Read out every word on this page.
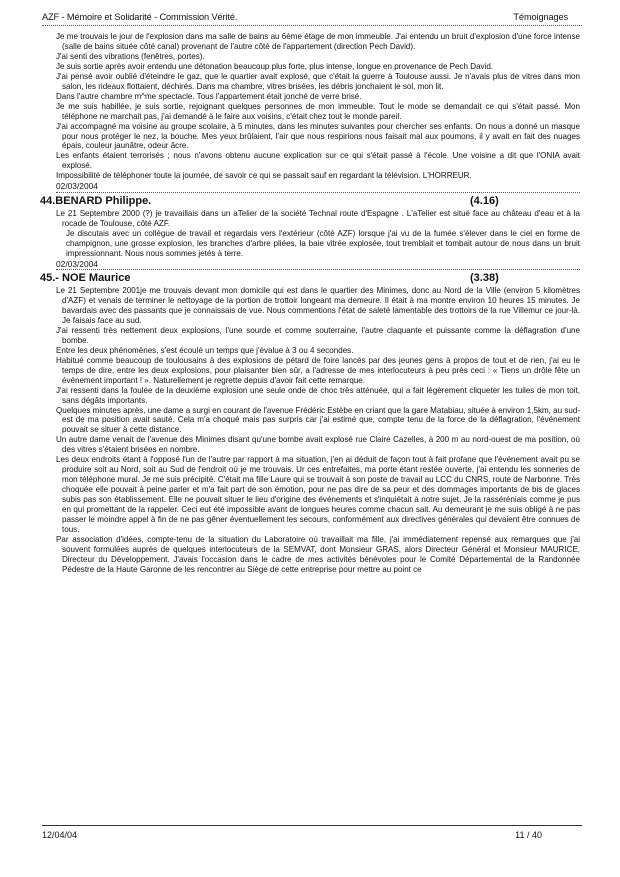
AZF - Mémoire et Solidarité - Commission Vérité.	Témoignages

Je me trouvais le jour de l'explosion dans ma salle de bains au 6ème étage de mon immeuble. J'ai entendu un bruit d'explosion d'une force intense (salle de bains située côté canal) provenant de l'autre côté de l'appartement (direction Pech David).

J'ai senti des vibrations (fenêtres, portes).

Je suis sortie après avoir entendu une détonation beaucoup plus forte, plus intense, longue en provenance de Pech David.

J'ai pensé avoir oublié d'éteindre le gaz, que le quartier avait explosé, que c'était la guerre à Toulouse aussi. Je n'avais plus de vitres dans mon salon, les rideaux flottaient, déchirés. Dans ma chambre, vitres brisées, les débris jonchaient le sol, mon lit.

Dans l'autre chambre m^me spectacle. Tous l'appartement était jonché de verre brisé.

Je me suis habillée, je suis sortie, rejoignant quelques personnes de mon immeuble. Tout le mode se demandait ce qui s'était passé. Mon téléphone ne marchait pas, j'ai demandé à le faire aux voisins, c'était chez tout le monde pareil.

J'ai accompagné ma voisine au groupe scolaire, à 5 minutes, dans les minutes suivantes pour chercher ses enfants. On nous a donné un masque pour nous protéger le nez, la bouche. Mes yeux brûlaient, l'air que nous respirions nous faisait mal aux poumons, il y avait en fait des nuages épais, couleur jaunâtre, odeur âcre.

Les enfants étaient terrorisés ; nous n'avons obtenu aucune explication sur ce qui s'était passé à l'école. Une voisine a dit que l'ONIA avait explosé.

Impossibilité de téléphoner toute la journée, de savoir ce qui se passait sauf en regardant la télévision. L'HORREUR.

02/03/2004

44.BENARD Philippe.	(4.16)

Le 21 Septembre 2000 (?) je travaillais dans un aTelier de la société Technal route d'Espagne . L'aTelier est situé face au château d'eau et à la rocade de Toulouse, côté AZF.

Je discutais avec un collègue de travail et regardais vers l'extérieur (côté AZF) lorsque j'ai vu de la fumée s'élever dans le ciel en forme de champignon, une grosse explosion, les branches d'arbre pliées, la baie vitrée explosée, tout tremblait et tombait autour de nous dans un bruit impressionnant. Nous nous sommes jetés à terre.

02/03/2004

45.- NOE Maurice	(3.38)

Le 21 Septembre 2001je me trouvais devant mon domicile qui est dans le quartier des Minimes, donc au Nord de la Ville (environ 5 kilomètres d'AZF) et venais de terminer le nettoyage de la portion de trottoir longeant ma demeure. Il était à ma montre environ 10 heures 15 minutes. Je bavardais avec des passants que je connaissais de vue. Nous commentions l'état de saleté lamentable des trottoirs de la rue Villemur ce jour-là. Je faisais face au sud.

J'ai ressenti très nettement deux explosions, l'une sourde et comme souterraine, l'autre claquante et puissante comme la déflagration d'une bombe.

Entre les deux phénomènes, s'est écoulé un temps que j'évalue à 3 ou 4 secondes.

Habitué comme beaucoup de toulousains à des explosions de pétard de foire lancés par des jeunes gens à propos de tout et de rien, j'ai eu le temps de dire, entre les deux explosions, pour plaisanter bien sûr, a l'adresse de mes interlocuteurs à peu près ceci : « Tiens un drôle fête un événement important ! ». Naturellement je regrette depuis d'avoir fait cette remarque.

J'ai ressenti dans la foulée de la deuxième explosion une seule onde de choc très atténuée, qui a fait légèrement cliqueter les tuiles de mon toit, sans dégâts importants.

Quelques minutes après, une dame a surgi en courant de l'avenue Frédéric Estèbe en criant que la gare Matabiau, située à environ 1,5km, au sud-est de ma position avait sauté. Cela m'a choqué mais pas surpris car j'ai estimé que, compte tenu de la force de la déflagration, l'événement pouvait se situer à cette distance.

Un autre dame venait de l'avenue des Minimes disant qu'une bombe avait explosé rue Claire Cazelles, à 200 m au nord-ouest de ma position, où des vitres s'étaient brisées en nombre.

Les deux endroits étant à l'opposé l'un de l'autre par rapport à ma situation, j'en ai déduit de façon tout à fait profane que l'événement avait pu se produire soit au Nord, soit au Sud de l'endroit où je me trouvais. Ur ces entrefaites, ma porte étant restée ouverte, j'ai entendu les sonneries de mon téléphone mural. Je me suis précipité. C'était ma fille Laure qui se trouvait à son poste de travail au LCC du CNRS, route de Narbonne. Très choquée elle pouvait à peine parler et m'a fait part de son émotion, pour ne pas dire de sa peur et des dommages importants de bis de glaces subis pas son établissement. Elle ne pouvait situer le lieu d'origine des événements et s'inquiétait à notre sujet. Je la rasséréniais comme je pus en qui promettant de la rappeler. Ceci eut été impossible avant de longues heures comme chacun sait. Au demeurant je me suis obligé à ne pas passer le moindre appel à fin de ne pas gêner éventuellement les secours, conformément aux directives générales qui devaient être connues de tous.

Par association d'idées, compte-tenu de la situation du Laboratoire où travaillait ma fille, j'ai immédiatement repensé aux remarques que j'ai souvent formulées auprès de quelques interlocuteurs de la SEMVAT, dont Monsieur GRAS, alors Directeur Général et Monsieur MAURICE, Directeur du Développement. J'avais l'occasion dans le cadre de mes activités bénévoles pour le Comité Départemental de la Randonnée Pédestre de la Haute Garonne de les rencontrer au Siège de cette entreprise pour mettre au point ce

12/04/04	11 / 40
